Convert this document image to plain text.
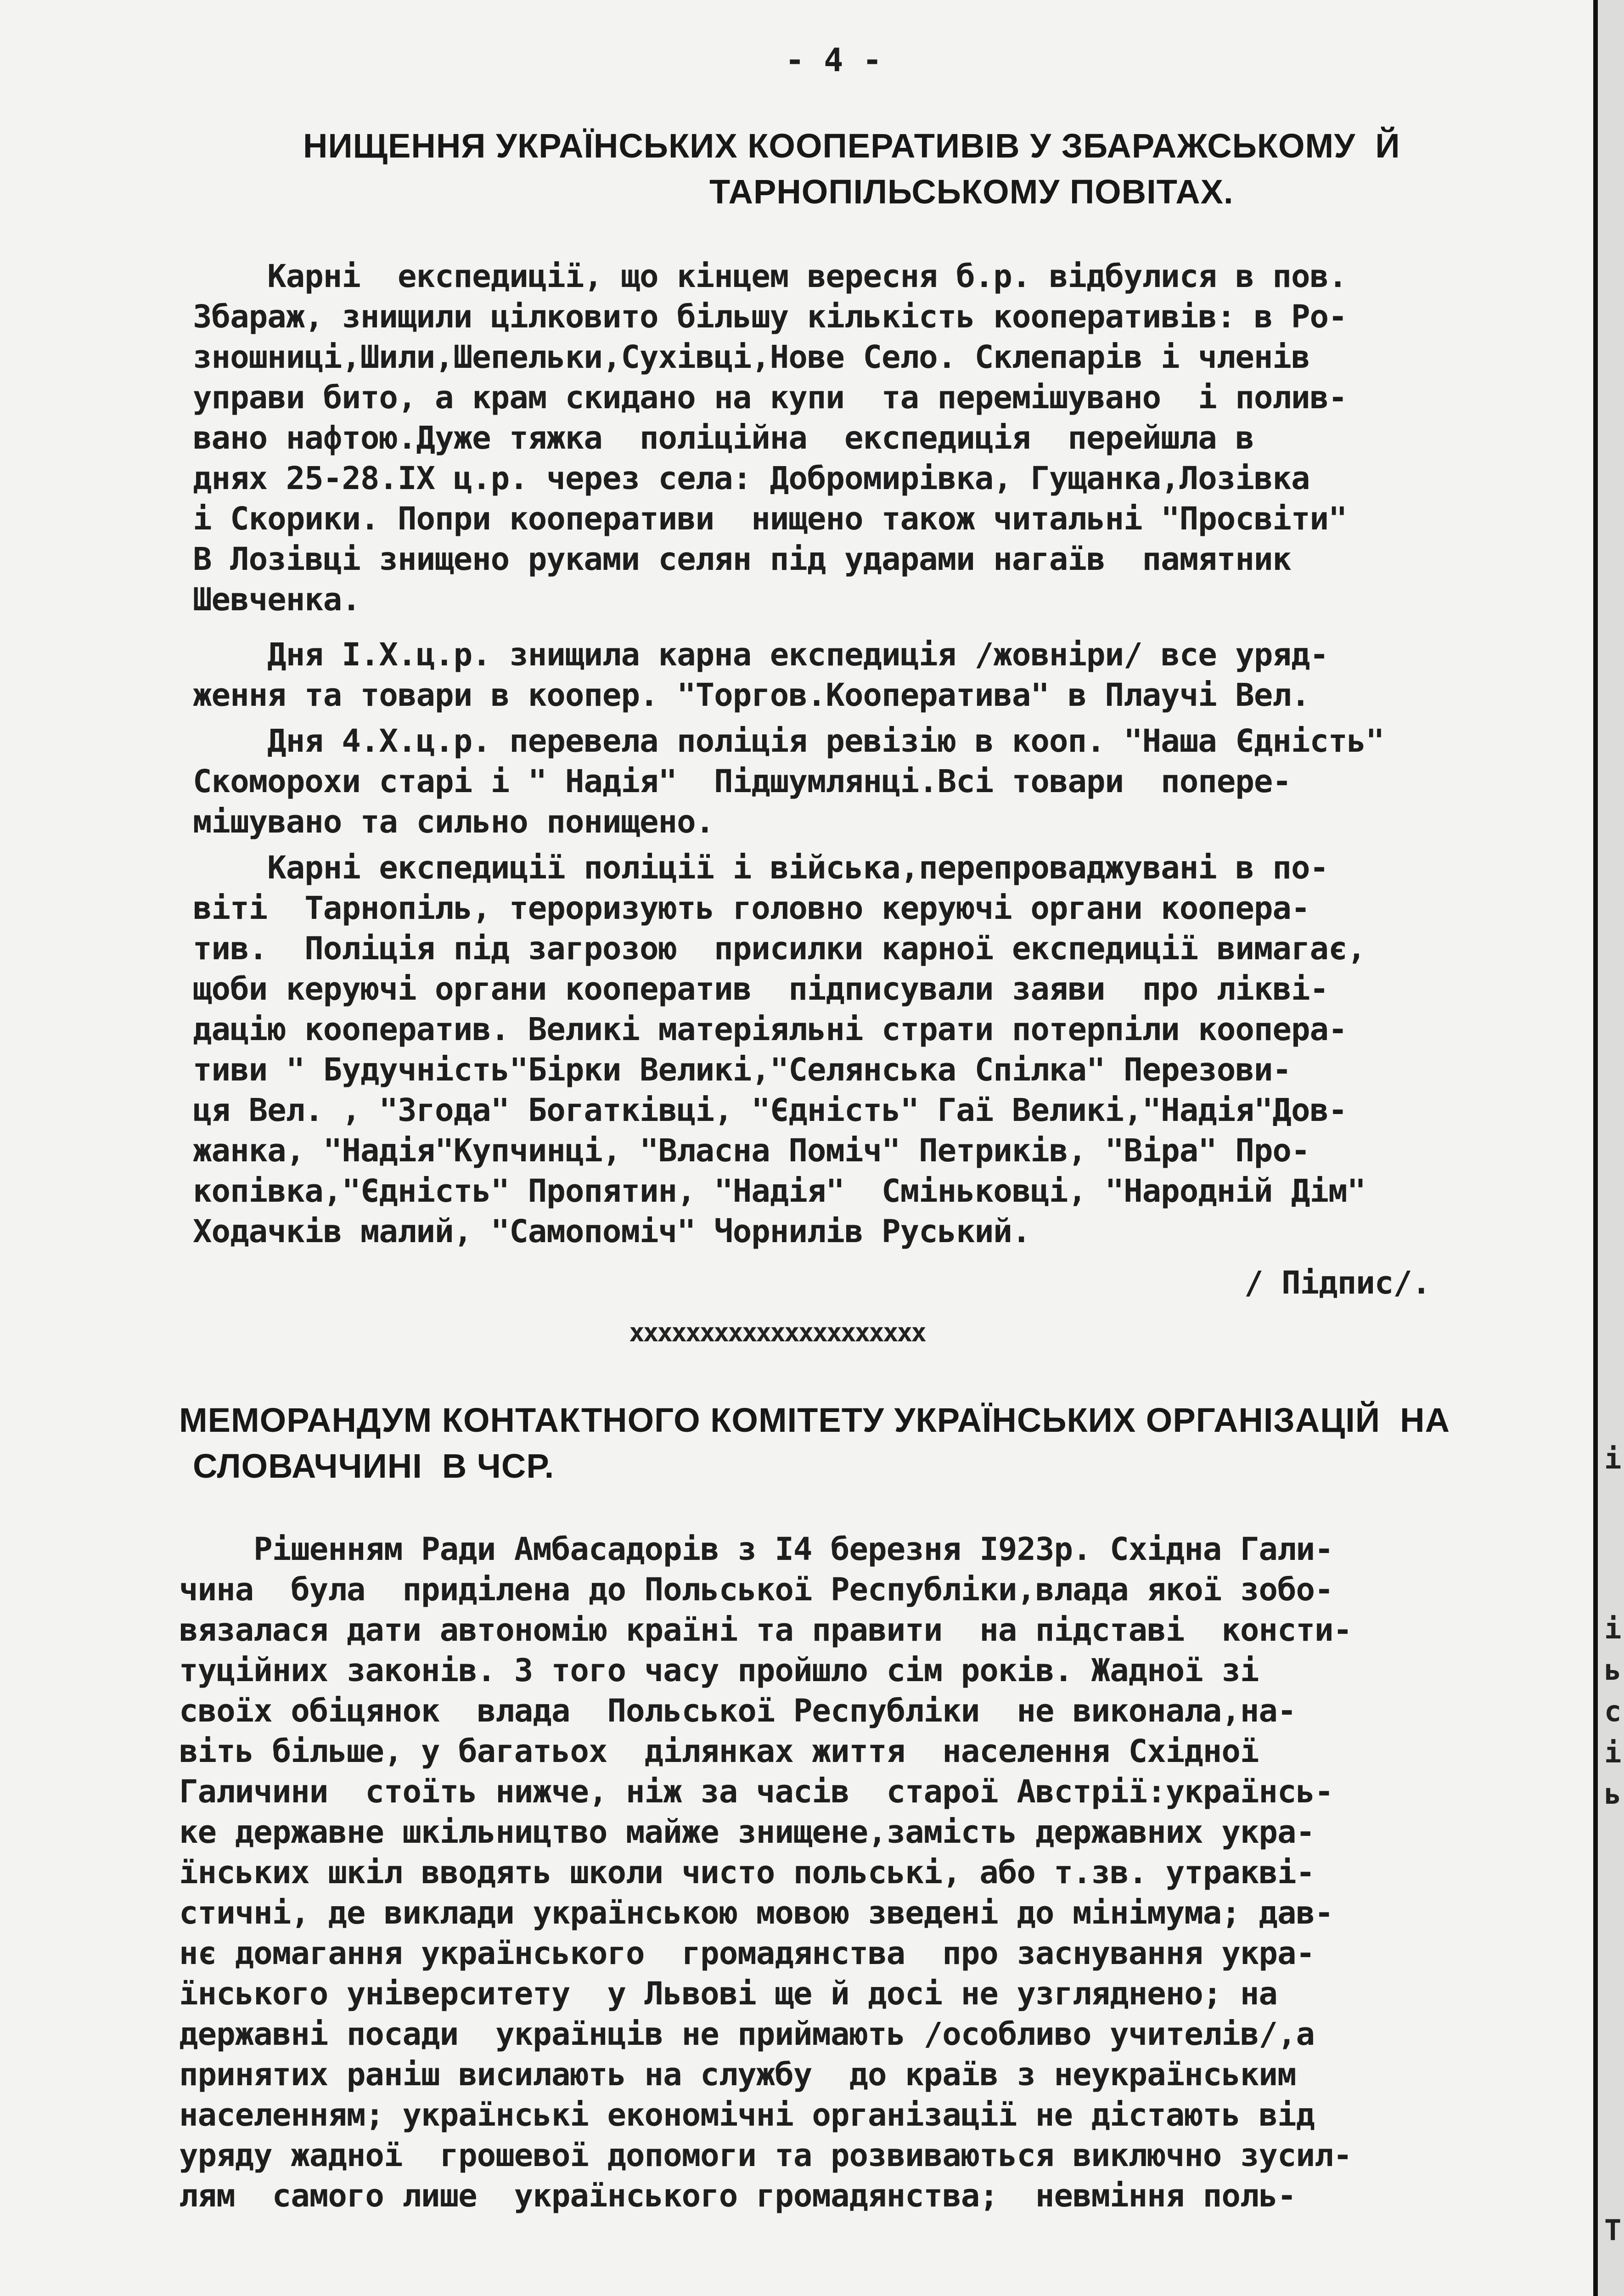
- 4 -
НИЩЕННЯ УКРАЇНСЬКИХ КООПЕРАТИВІВ У ЗБАРАЖСЬКОМУ  Й
ТАРНОПІЛЬСЬКОМУ ПОВІТАХ.
Карні  експедиції, що кінцем вересня б.р. відбулися в пов.
Збараж, знищили цілковито більшу кількість кооперативів: в Ро-
зношниці,Шили,Шепельки,Сухівці,Нове Село. Склепарів і членів
управи бито, а крам скидано на купи  та перемішувано  і полив-
вано нафтою.Дуже тяжка  поліційна  експедиція  перейшла в
днях 25-28.IX ц.р. через села: Добромирівка, Гущанка,Лозівка
і Скорики. Попри кооперативи  нищено також читальні "Просвіти"
В Лозівці знищено руками селян під ударами нагаїв  памятник
Шевченка.
Дня I.X.ц.р. знищила карна експедиція /жовніри/ все уряд-
ження та товари в коопер. "Торгов.Кооператива" в Плаучі Вел.
Дня 4.X.ц.р. перевела поліція ревізію в кооп. "Наша Єдність"
Скоморохи старі і " Надія"  Підшумлянці.Всі товари  попере-
мішувано та сильно понищено.
Карні експедиції поліції і війська,перепроваджувані в по-
віті  Тарнопіль, тероризують головно керуючі органи коопера-
тив.  Поліція під загрозою  присилки карної експедиції вимагає,
щоби керуючі органи кооператив  підписували заяви  про ліквi-
дацію кооператив. Великі матеріяльні страти потерпіли коопера-
тиви " Будучність"Бірки Великі,"Селянська Спілка" Перезови-
ця Вел. , "Згода" Богатківці, "Єдність" Гаї Великі,"Надія"Дов-
жанка, "Надія"Купчинці, "Власна Поміч" Петриків, "Віра" Про-
копівка,"Єдність" Пропятин, "Надія"  Сміньковці, "Народній Дім"
Ходачків малий, "Самопоміч" Чорнилів Руський.
/ Підпис/.
ххххххххххххххххххххх
МЕМОРАНДУМ КОНТАКТНОГО КОМІТЕТУ УКРАЇНСЬКИХ ОРГАНІЗАЦІЙ  НА
СЛОВАЧЧИНІ  В ЧСР.
Рішенням Ради Амбасадорів з I4 березня I923р. Східна Гали-
чина  була  приділена до Польської Республіки,влада якої зобо-
вязалася дати автономію країні та правити  на підставі  консти-
туційних законів. З того часу пройшло сім років. Жадної зі
своїх обіцянок  влада  Польської Республіки  не виконала,на-
віть більше, у багатьох  ділянках життя  населення Східної
Галичини  стоїть нижче, ніж за часів  старої Австрії:українсь-
ке державне шкільництво майже знищене,замість державних укра-
їнських шкіл вводять школи чисто польські, або т.зв. утраквi-
стичні, де виклади українською мовою зведені до мінімума; дав-
нє домагання українського  громадянства  про заснування укра-
їнського університету  у Львові ще й досі не узгляднено; на
державні посади  українців не приймають /особливо учителів/,а
принятих раніш висилають на службу  до країв з неукраїнським
населенням; українські економічні організації не дістають від
уряду жадної  грошевої допомоги та розвиваються виключно зусил-
лям  самого лише  українського громадянства;  невміння поль-
і
і
ь
с
і
ь
Т
